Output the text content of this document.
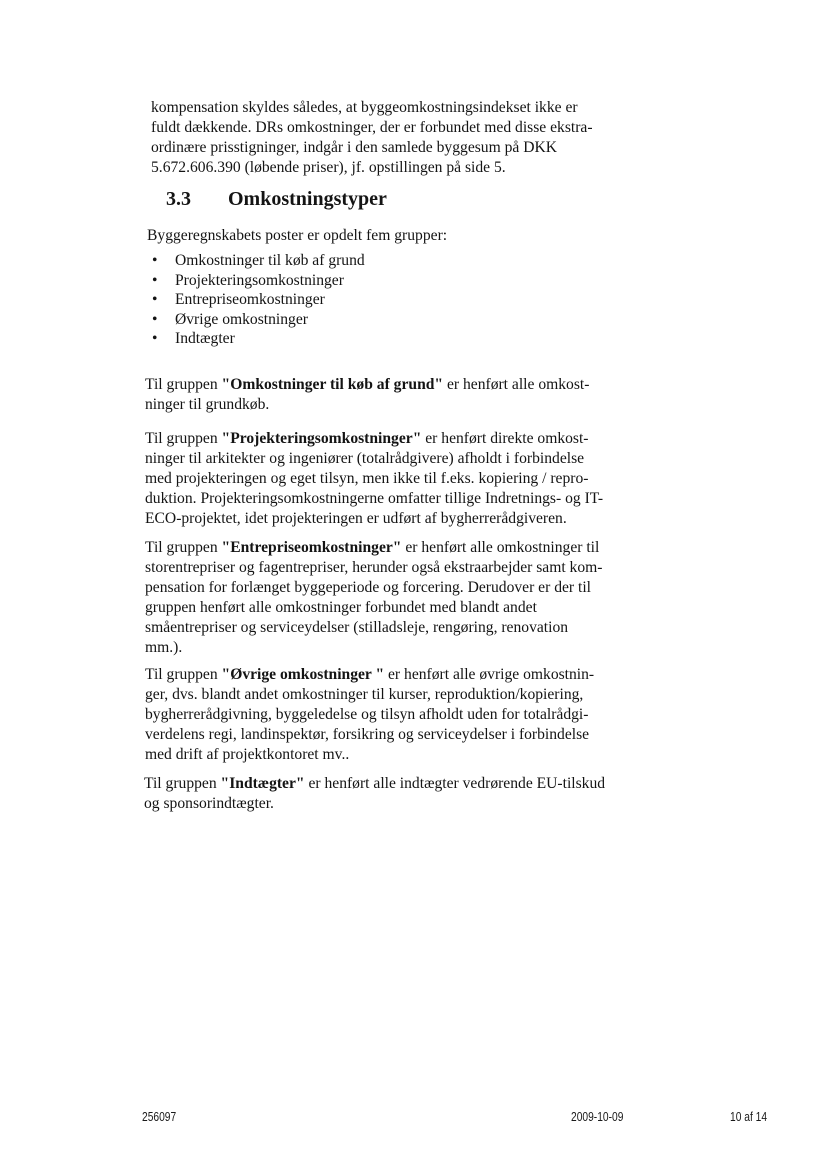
kompensation skyldes således, at byggeomkostningsindekset ikke er
fuldt dækkende. DRs omkostninger, der er forbundet med disse ekstra-
ordinære prisstigninger, indgår i den samlede byggesum på DKK
5.672.606.390 (løbende priser), jf. opstillingen på side 5.

3.3 Omkostningstyper

Byggeregnskabets poster er opdelt fem grupper:

• Omkostninger til køb af grund
• Projekteringsomkostninger
• Entrepriseomkostninger
• Øvrige omkostninger
• Indtægter

Til gruppen "Omkostninger til køb af grund" er henført alle omkost-
ninger til grundkøb.

Til gruppen "Projekteringsomkostninger" er henført direkte omkost-
ninger til arkitekter og ingeniører (totalrådgivere) afholdt i forbindelse
med projekteringen og eget tilsyn, men ikke til f.eks. kopiering / repro-
duktion. Projekteringsomkostningerne omfatter tillige Indretnings- og IT-
ECO-projektet, idet projekteringen er udført af bygherrerådgiveren.

Til gruppen "Entrepriseomkostninger" er henført alle omkostninger til
storentrepriser og fagentrepriser, herunder også ekstraarbejder samt kom-
pensation for forlænget byggeperiode og forcering. Derudover er der til
gruppen henført alle omkostninger forbundet med blandt andet
småentrepriser og serviceydelser (stilladsleje, rengøring, renovation
mm.).

Til gruppen "Øvrige omkostninger " er henført alle øvrige omkostnin-
ger, dvs. blandt andet omkostninger til kurser, reproduktion/kopiering,
bygherrerådgivning, byggeledelse og tilsyn afholdt uden for totalrådgi-
verdelens regi, landinspektør, forsikring og serviceydelser i forbindelse
med drift af projektkontoret mv..

Til gruppen "Indtægter" er henført alle indtægter vedrørende EU-tilskud
og sponsorindtægter.

256097	2009-10-09	10 af 14
